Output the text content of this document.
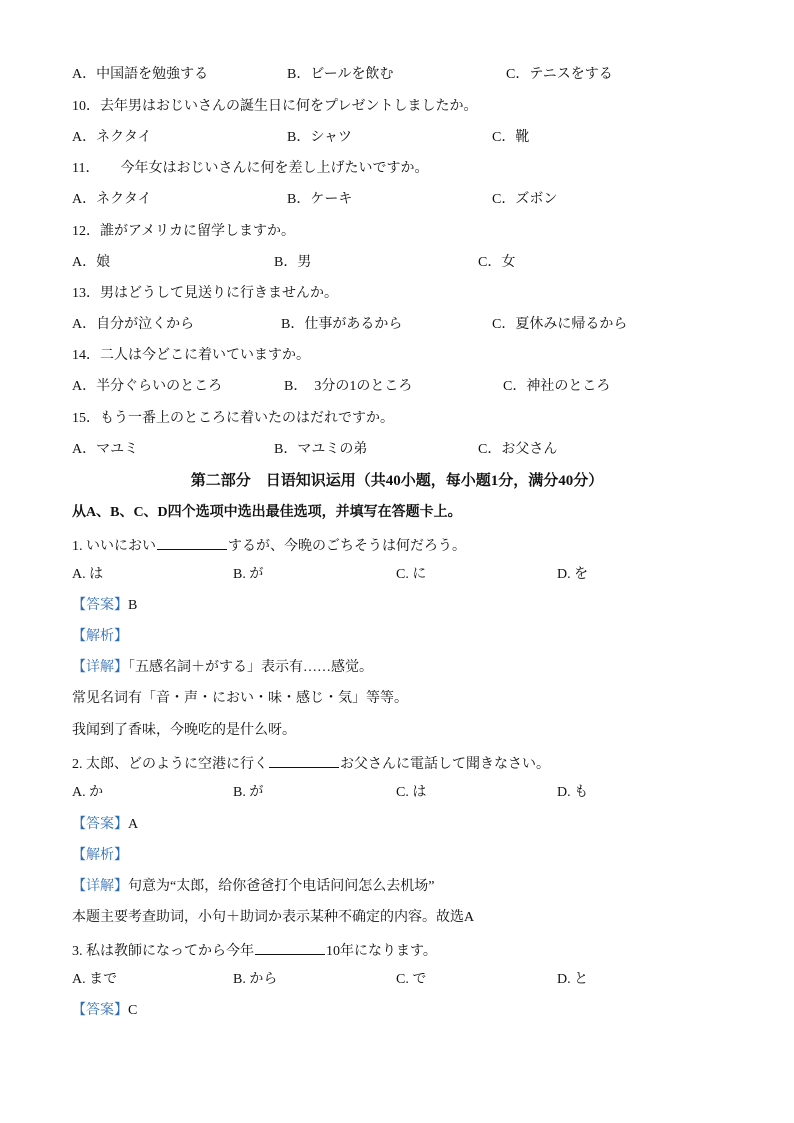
A．中国語を勉強する	B．ビールを飲む	C．テニスをする
10．去年男はおじいさんの誕生日に何をプレゼントしましたか。
A．ネクタイ	B．シャツ	C．靴
11．　　今年女はおじいさんに何を差し上げたいですか。
A．ネクタイ	B．ケーキ	C．ズボン
12．誰がアメリカに留学しますか。
A．娘	B．男	C．女
13．男はどうして見送りに行きませんか。
A．自分が泣くから	B．仕事があるから	C．夏休みに帰るから
14．二人は今どこに着いていますか。
A．半分ぐらいのところ	B．　3分の1のところ	C．神社のところ
15．もう一番上のところに着いたのはだれですか。
A．マユミ	B．マユミの弟	C．お父さん
第二部分　日语知识运用（共40小题，每小题1分，满分40分）
从A、B、C、D四个选项中选出最佳选项，并填写在答题卡上。
1. いいにおい	するが、今晩のごちそうは何だろう。
A. は	B. が	C. に	D. を
【答案】B
【解析】
【详解】「五感名詞＋がする」表示有……感觉。
常见名词有「音・声・におい・味・感じ・気」等等。
我闻到了香味，今晚吃的是什么呀。
2. 太郎、どのように空港に行く	お父さんに電話して聞きなさい。
A. か	B. が	C. は	D. も
【答案】A
【解析】
【详解】句意为“太郎，给你爸爸打个电话问问怎么去机场”
本题主要考查助词，小句＋助词か表示某种不确定的内容。故选A
3. 私は教師になってから今年	10年になります。
A. まで	B. から	C. で	D. と
【答案】C
